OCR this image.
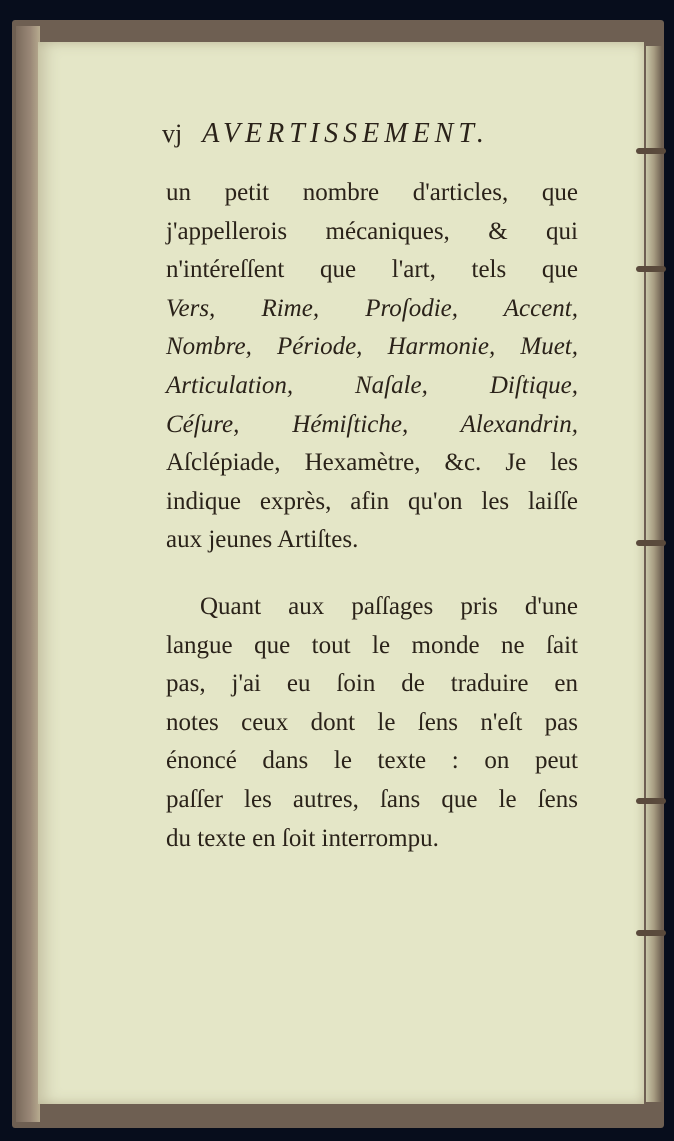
vj AVERTISSEMENT.
un petit nombre d'articles, que
j'appellerois mécaniques, & qui
n'intéreſſent que l'art, tels que
Vers, Rime, Proſodie, Accent,
Nombre, Période, Harmonie, Muet,
Articulation, Naſale, Diſtique,
Céſure, Hémiſtiche, Alexandrin,
Aſclépiade, Hexamètre, &c. Je les
indique exprès, afin qu'on les laiſſe
aux jeunes Artiſtes.
Quant aux paſſages pris d'une
langue que tout le monde ne ſait
pas, j'ai eu ſoin de traduire en
notes ceux dont le ſens n'eſt pas
énoncé dans le texte : on peut
paſſer les autres, ſans que le ſens
du texte en ſoit interrompu.
